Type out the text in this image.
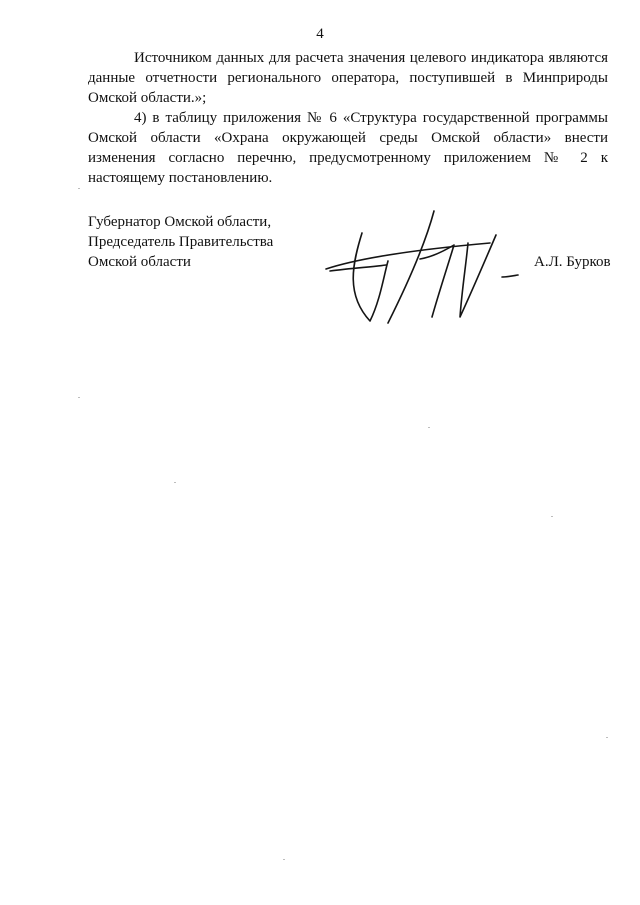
4

Источником данных для расчета значения целевого индикатора являются данные отчетности регионального оператора, поступившей в Минприроды Омской области.»;

4) в таблицу приложения № 6 «Структура государственной программы Омской области «Охрана окружающей среды Омской области» внести изменения согласно перечню, предусмотренному приложением № 2 к настоящему постановлению.

Губернатор Омской области,
Председатель Правительства
Омской области	А.Л. Бурков
